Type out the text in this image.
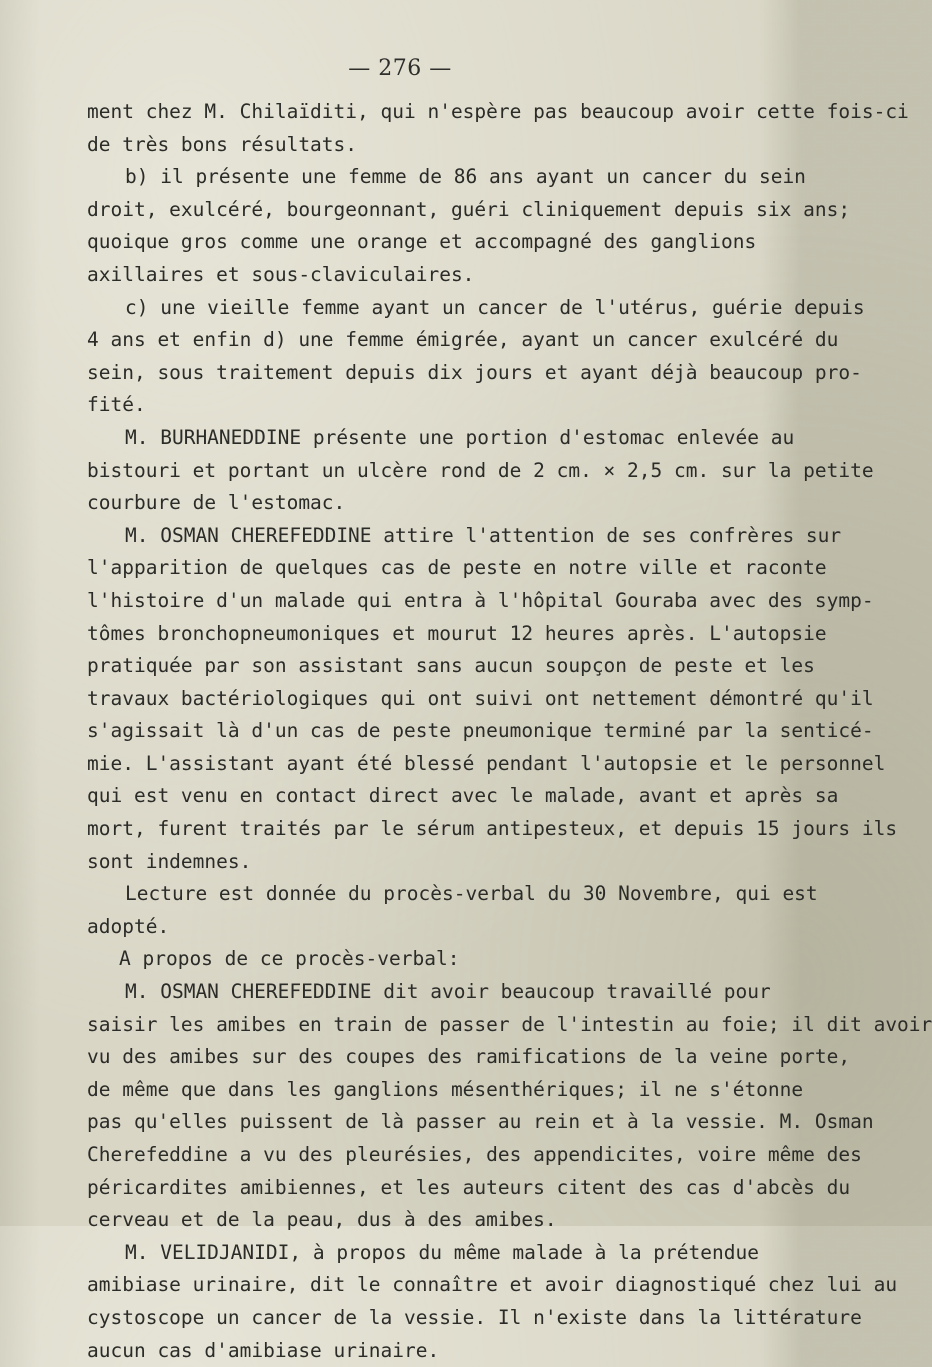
— 276 —
ment chez M. Chilaïditi, qui n'espère pas beaucoup avoir cette fois-ci
de très bons résultats.
b) il présente une femme de 86 ans ayant un cancer du sein
droit, exulcéré, bourgeonnant, guéri cliniquement depuis six ans;
quoique gros comme une orange et accompagné des ganglions
axillaires et sous-claviculaires.
c) une vieille femme ayant un cancer de l'utérus, guérie depuis
4 ans et enfin d) une femme émigrée, ayant un cancer exulcéré du
sein, sous traitement depuis dix jours et ayant déjà beaucoup pro-
fité.
M. BURHANEDDINE présente une portion d'estomac enlevée au
bistouri et portant un ulcère rond de 2 cm. × 2,5 cm. sur la petite
courbure de l'estomac.
M. OSMAN CHEREFEDDINE attire l'attention de ses confrères sur
l'apparition de quelques cas de peste en notre ville et raconte
l'histoire d'un malade qui entra à l'hôpital Gouraba avec des symp-
tômes bronchopneumoniques et mourut 12 heures après. L'autopsie
pratiquée par son assistant sans aucun soupçon de peste et les
travaux bactériologiques qui ont suivi ont nettement démontré qu'il
s'agissait là d'un cas de peste pneumonique terminé par la senticé-
mie. L'assistant ayant été blessé pendant l'autopsie et le personnel
qui est venu en contact direct avec le malade, avant et après sa
mort, furent traités par le sérum antipesteux, et depuis 15 jours ils
sont indemnes.
Lecture est donnée du procès-verbal du 30 Novembre, qui est
adopté.
A propos de ce procès-verbal:
M. OSMAN CHEREFEDDINE dit avoir beaucoup travaillé pour
saisir les amibes en train de passer de l'intestin au foie; il dit avoir
vu des amibes sur des coupes des ramifications de la veine porte,
de même que dans les ganglions mésenthériques; il ne s'étonne
pas qu'elles puissent de là passer au rein et à la vessie. M. Osman
Cherefeddine a vu des pleurésies, des appendicites, voire même des
péricardites amibiennes, et les auteurs citent des cas d'abcès du
cerveau et de la peau, dus à des amibes.
M. VELIDJANIDI, à propos du même malade à la prétendue
amibiase urinaire, dit le connaître et avoir diagnostiqué chez lui au
cystoscope un cancer de la vessie. Il n'existe dans la littérature
aucun cas d'amibiase urinaire.
